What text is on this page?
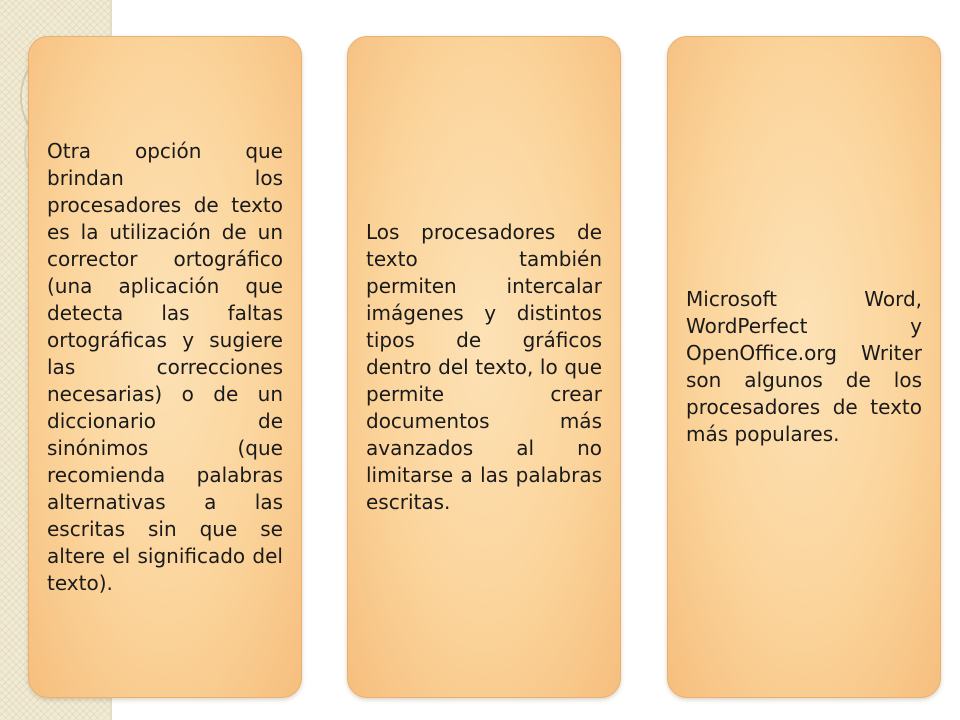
Otra opción que brindan los procesadores de texto es la utilización de un corrector ortográfico (una aplicación que detecta las faltas ortográficas y sugiere las correcciones necesarias) o de un diccionario de sinónimos (que recomienda palabras alternativas a las escritas sin que se altere el significado del texto).

Los procesadores de texto también permiten intercalar imágenes y distintos tipos de gráficos dentro del texto, lo que permite crear documentos más avanzados al no limitarse a las palabras escritas.

Microsoft Word, WordPerfect y OpenOffice.org Writer son algunos de los procesadores de texto más populares.
